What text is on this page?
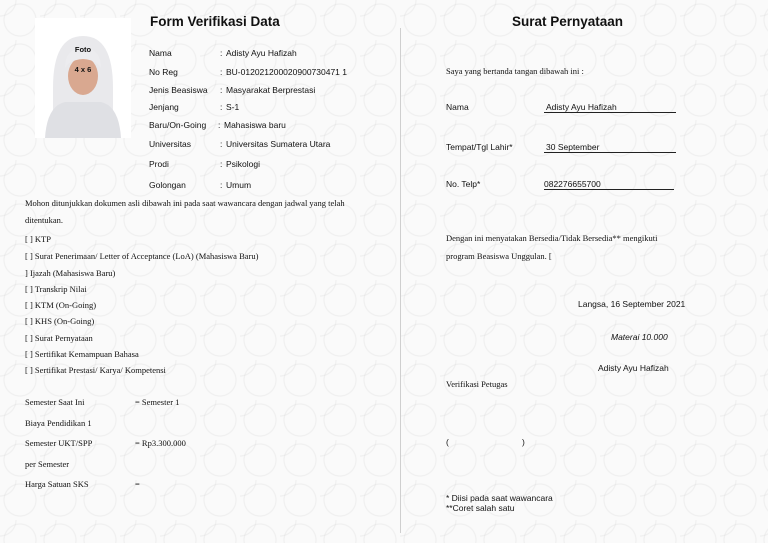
Foto
4 x 6
Form Verifikasi Data
Nama	: Adisty Ayu Hafizah
No Reg	: BU-012021200020900730471 1
Jenis Beasiswa : Masyarakat Berprestasi
Jenjang	: S-1
Baru/On-Going : Mahasiswa baru
Universitas	: Universitas Sumatera Utara
Prodi	: Psikologi
Golongan	: Umum
Mohon ditunjukkan dokumen asli dibawah ini pada saat wawancara dengan jadwal yang telah
ditentukan.
[ ] KTP
[ ] Surat Penerimaan/ Letter of Acceptance (LoA) (Mahasiswa Baru)
] Ijazah (Mahasiswa Baru)
[ ] Transkrip Nilai
[ ] KTM (On-Going)
[ ] KHS (On-Going)
[ ] Surat Pernyataan
[ ] Sertifikat Kemampuan Bahasa
[ ] Sertifikat Prestasi/ Karya/ Kompetensi
Semester Saat Ini	= Semester 1
Biaya Pendidikan 1
Semester UKT/SPP	= Rp3.300.000
per Semester
Harga Satuan SKS	=
Surat Pernyataan
Saya yang bertanda tangan dibawah ini :
Nama	Adisty Ayu Hafizah
Tempat/Tgl Lahir*	30 September
No. Telp*	082276655700
Dengan ini menyatakan Bersedia/Tidak Bersedia** mengikuti
program Beasiswa Unggulan. [
Langsa, 16 September 2021
Materai 10.000
Adisty Ayu Hafizah
Verifikasi Petugas
(	)
* Diisi pada saat wawancara
**Coret salah satu
